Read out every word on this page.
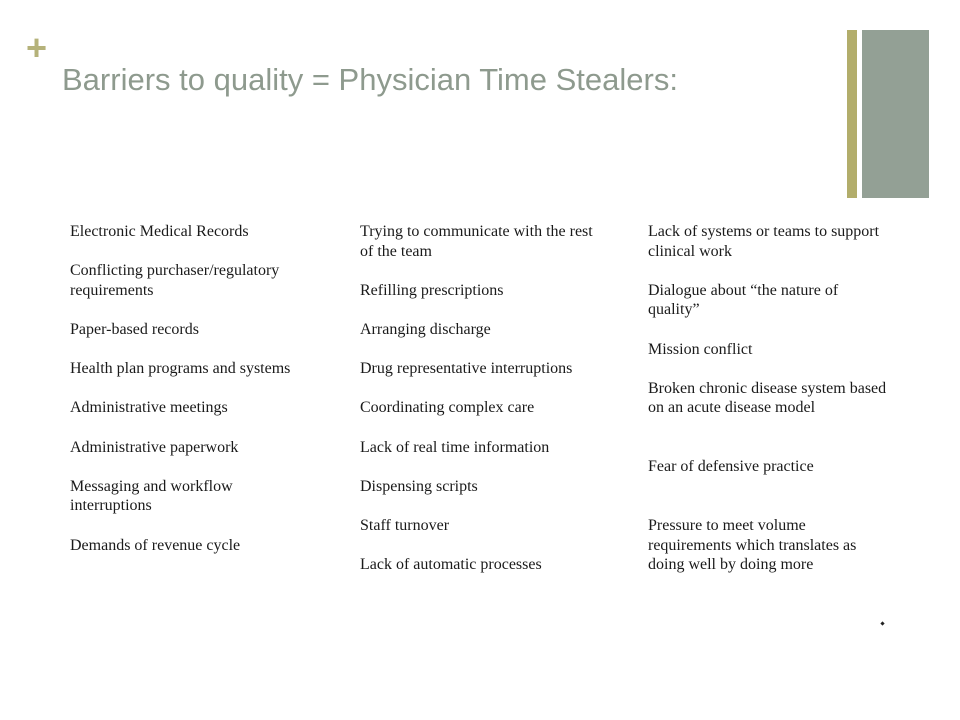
+
Barriers to quality = Physician Time Stealers:
Electronic Medical Records
Conflicting purchaser/regulatory requirements
Paper-based records
Health plan programs and systems
Administrative meetings
Administrative paperwork
Messaging and workflow interruptions
Demands of revenue cycle
Trying to communicate with the rest of the team
Refilling prescriptions
Arranging discharge
Drug representative interruptions
Coordinating complex care
Lack of real time information
Dispensing scripts
Staff turnover
Lack of automatic processes
Lack of systems or teams to support clinical work
Dialogue about “the nature of quality”
Mission conflict
Broken chronic disease system based on an acute disease model
Fear of defensive practice
Pressure to meet volume requirements which translates as doing well by doing more
